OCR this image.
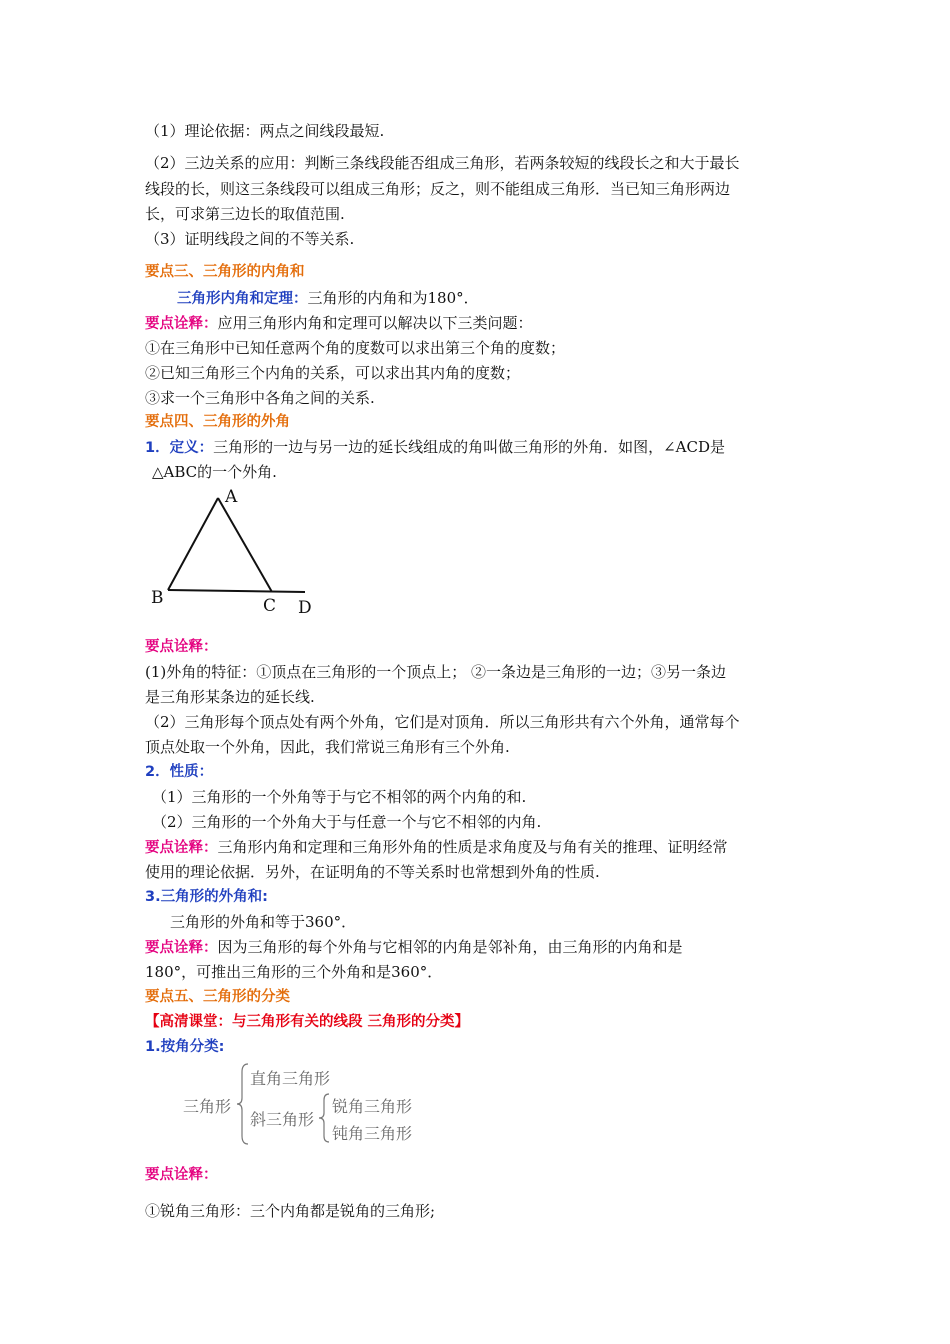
（1）理论依据：两点之间线段最短.
（2）三边关系的应用：判断三条线段能否组成三角形，若两条较短的线段长之和大于最长
线段的长，则这三条线段可以组成三角形；反之，则不能组成三角形．当已知三角形两边
长，可求第三边长的取值范围.
（3）证明线段之间的不等关系.
要点三、三角形的内角和
三角形内角和定理：三角形的内角和为180°．
要点诠释：应用三角形内角和定理可以解决以下三类问题：
①在三角形中已知任意两个角的度数可以求出第三个角的度数；
②已知三角形三个内角的关系，可以求出其内角的度数；
③求一个三角形中各角之间的关系.
要点四、三角形的外角
1．定义：三角形的一边与另一边的延长线组成的角叫做三角形的外角．如图，∠ACD是
△ABC的一个外角.
A
B	C D
要点诠释：
(1)外角的特征：①顶点在三角形的一个顶点上； ②一条边是三角形的一边；③另一条边
是三角形某条边的延长线.
（2）三角形每个顶点处有两个外角，它们是对顶角．所以三角形共有六个外角，通常每个
顶点处取一个外角，因此，我们常说三角形有三个外角.
2．性质：
（1）三角形的一个外角等于与它不相邻的两个内角的和.
（2）三角形的一个外角大于与任意一个与它不相邻的内角.
要点诠释：三角形内角和定理和三角形外角的性质是求角度及与角有关的推理、证明经常
使用的理论依据．另外，在证明角的不等关系时也常想到外角的性质.
3.三角形的外角和:
三角形的外角和等于360°．
要点诠释：因为三角形的每个外角与它相邻的内角是邻补角，由三角形的内角和是
180°，可推出三角形的三个外角和是360°．
要点五、三角形的分类
【高清课堂：与三角形有关的线段 三角形的分类】
1.按角分类:
三角形
直角三角形
斜三角形
锐角三角形
钝角三角形
要点诠释：
①锐角三角形：三个内角都是锐角的三角形;
